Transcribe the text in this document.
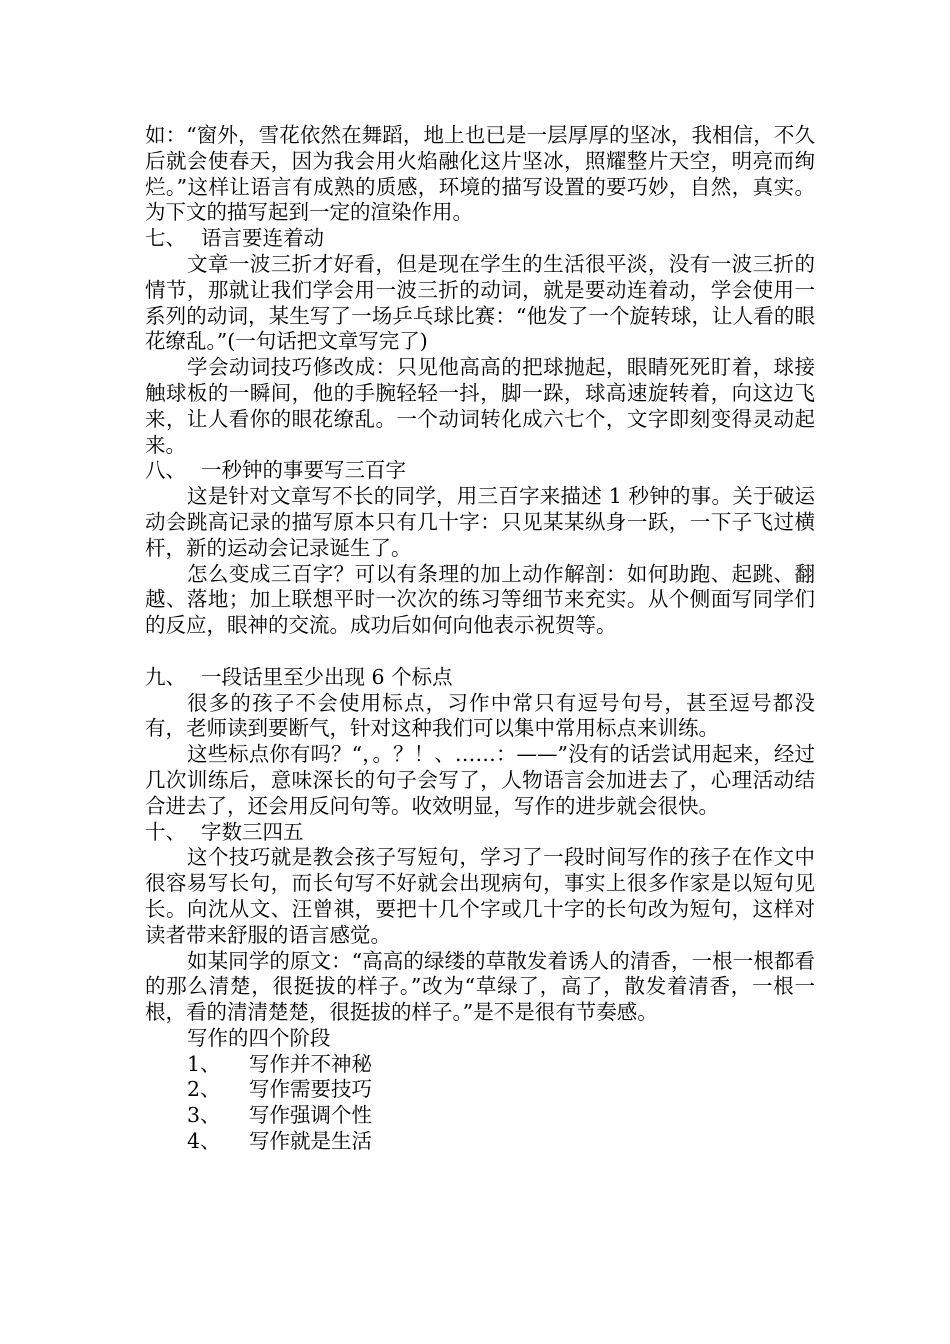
如：“窗外，雪花依然在舞蹈，地上也已是一层厚厚的坚冰，我相信，不久后就会使春天，因为我会用火焰融化这片坚冰，照耀整片天空，明亮而绚烂。”这样让语言有成熟的质感，环境的描写设置的要巧妙，自然，真实。为下文的描写起到一定的渲染作用。

七、 语言要连着动

文章一波三折才好看，但是现在学生的生活很平淡，没有一波三折的情节，那就让我们学会用一波三折的动词，就是要动连着动，学会使用一系列的动词，某生写了一场乒乓球比赛：“他发了一个旋转球，让人看的眼花缭乱。”(一句话把文章写完了)

学会动词技巧修改成：只见他高高的把球抛起，眼睛死死盯着，球接触球板的一瞬间，他的手腕轻轻一抖，脚一跺，球高速旋转着，向这边飞来，让人看你的眼花缭乱。一个动词转化成六七个，文字即刻变得灵动起来。

八、 一秒钟的事要写三百字

这是针对文章写不长的同学，用三百字来描述 1 秒钟的事。关于破运动会跳高记录的描写原本只有几十字：只见某某纵身一跃，一下子飞过横杆，新的运动会记录诞生了。

怎么变成三百字？可以有条理的加上动作解剖：如何助跑、起跳、翻越、落地；加上联想平时一次次的练习等细节来充实。从个侧面写同学们的反应，眼神的交流。成功后如何向他表示祝贺等。

九、 一段话里至少出现 6 个标点

很多的孩子不会使用标点，习作中常只有逗号句号，甚至逗号都没有，老师读到要断气，针对这种我们可以集中常用标点来训练。

这些标点你有吗？“，。？！、……：——”没有的话尝试用起来，经过几次训练后，意味深长的句子会写了，人物语言会加进去了，心理活动结合进去了，还会用反问句等。收效明显，写作的进步就会很快。

十、 字数三四五

这个技巧就是教会孩子写短句，学习了一段时间写作的孩子在作文中很容易写长句，而长句写不好就会出现病句，事实上很多作家是以短句见长。向沈从文、汪曾祺，要把十几个字或几十字的长句改为短句，这样对读者带来舒服的语言感觉。

如某同学的原文：“高高的绿缕的草散发着诱人的清香，一根一根都看的那么清楚，很挺拔的样子。”改为“草绿了，高了，散发着清香，一根一根，看的清清楚楚，很挺拔的样子。”是不是很有节奏感。

写作的四个阶段

1、 写作并不神秘

2、 写作需要技巧

3、 写作强调个性

4、 写作就是生活
